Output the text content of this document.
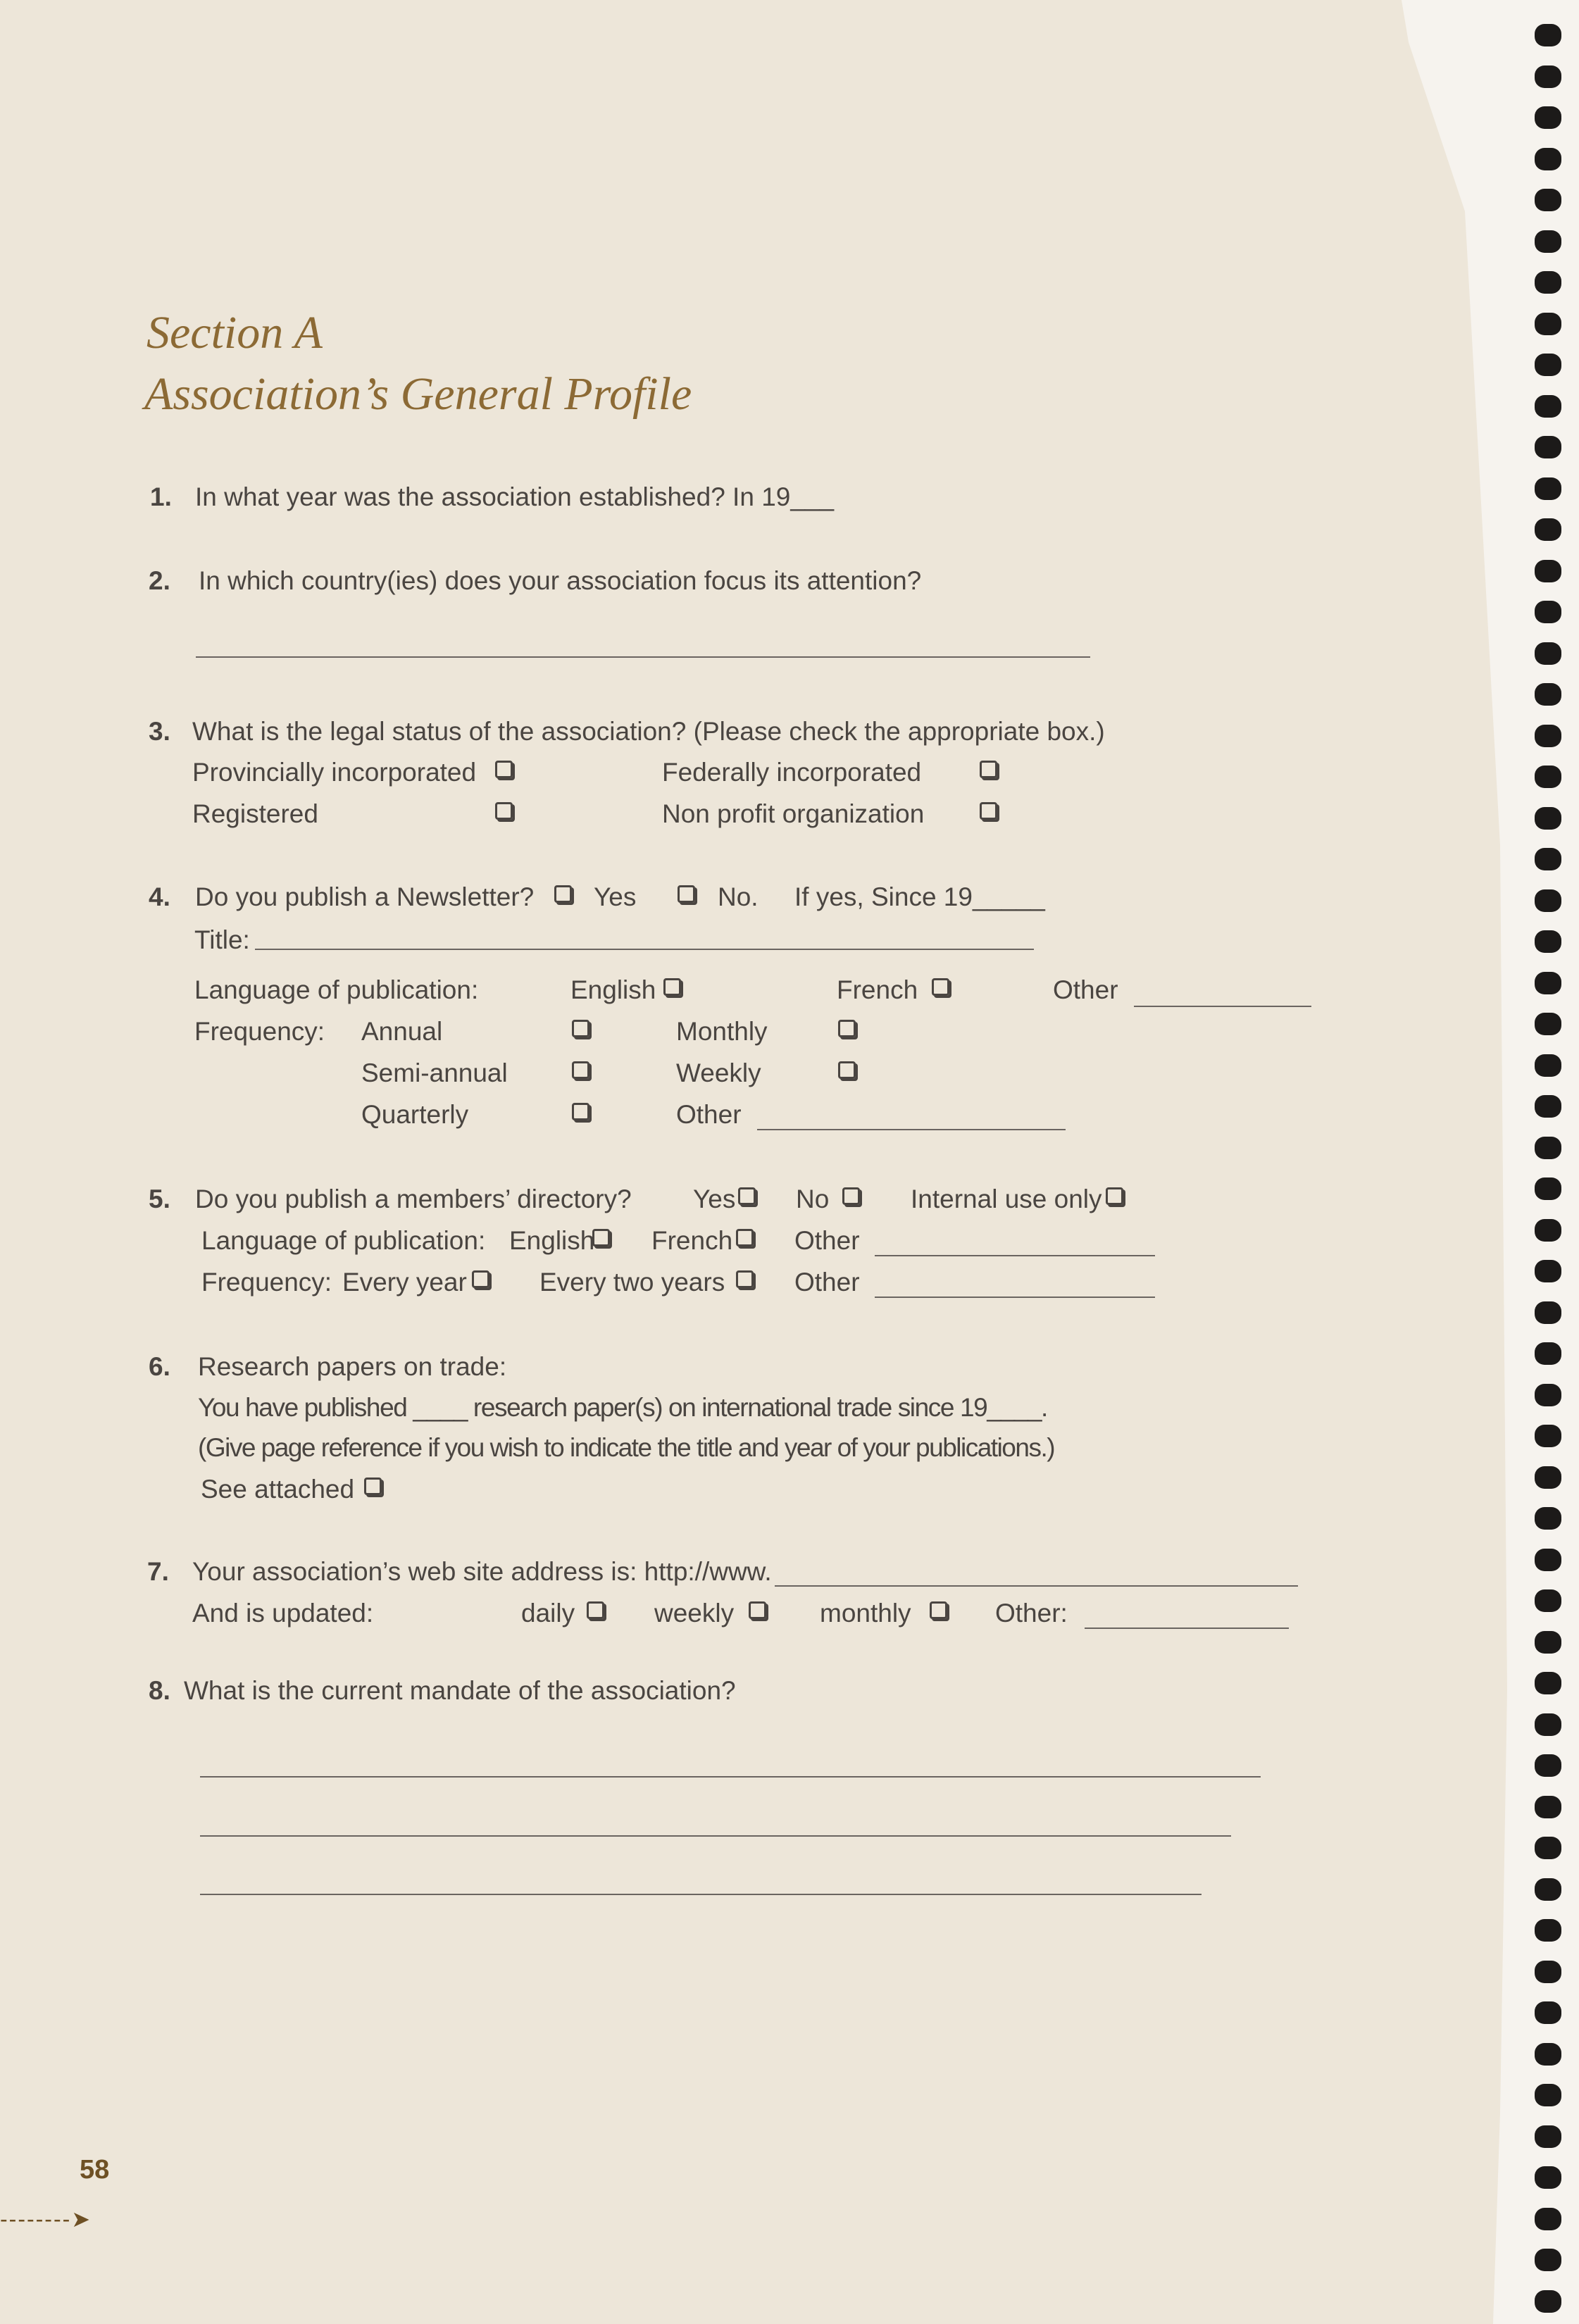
Section A
Association’s General Profile
1. In what year was the association established? In 19___
2. In which country(ies) does your association focus its attention?
3. What is the legal status of the association? (Please check the appropriate box.)
Provincially incorporated	Federally incorporated
Registered	Non profit organization
4. Do you publish a Newsletter? Yes	No. If yes, Since 19_____
Title:
Language of publication:	English	French	Other
Frequency: Annual	Monthly
Semi-annual	Weekly
Quarterly	Other
5. Do you publish a members’ directory? Yes No	Internal use only
Language of publication: English French Other
Frequency: Every year	Every two years	Other
6. Research papers on trade:
You have published ____ research paper(s) on international trade since 19____.
(Give page reference if you wish to indicate the title and year of your publications.)
See attached
7. Your association’s web site address is: http://www.
And is updated:	daily	weekly	monthly	Other:
8. What is the current mandate of the association?
58
--------➤
